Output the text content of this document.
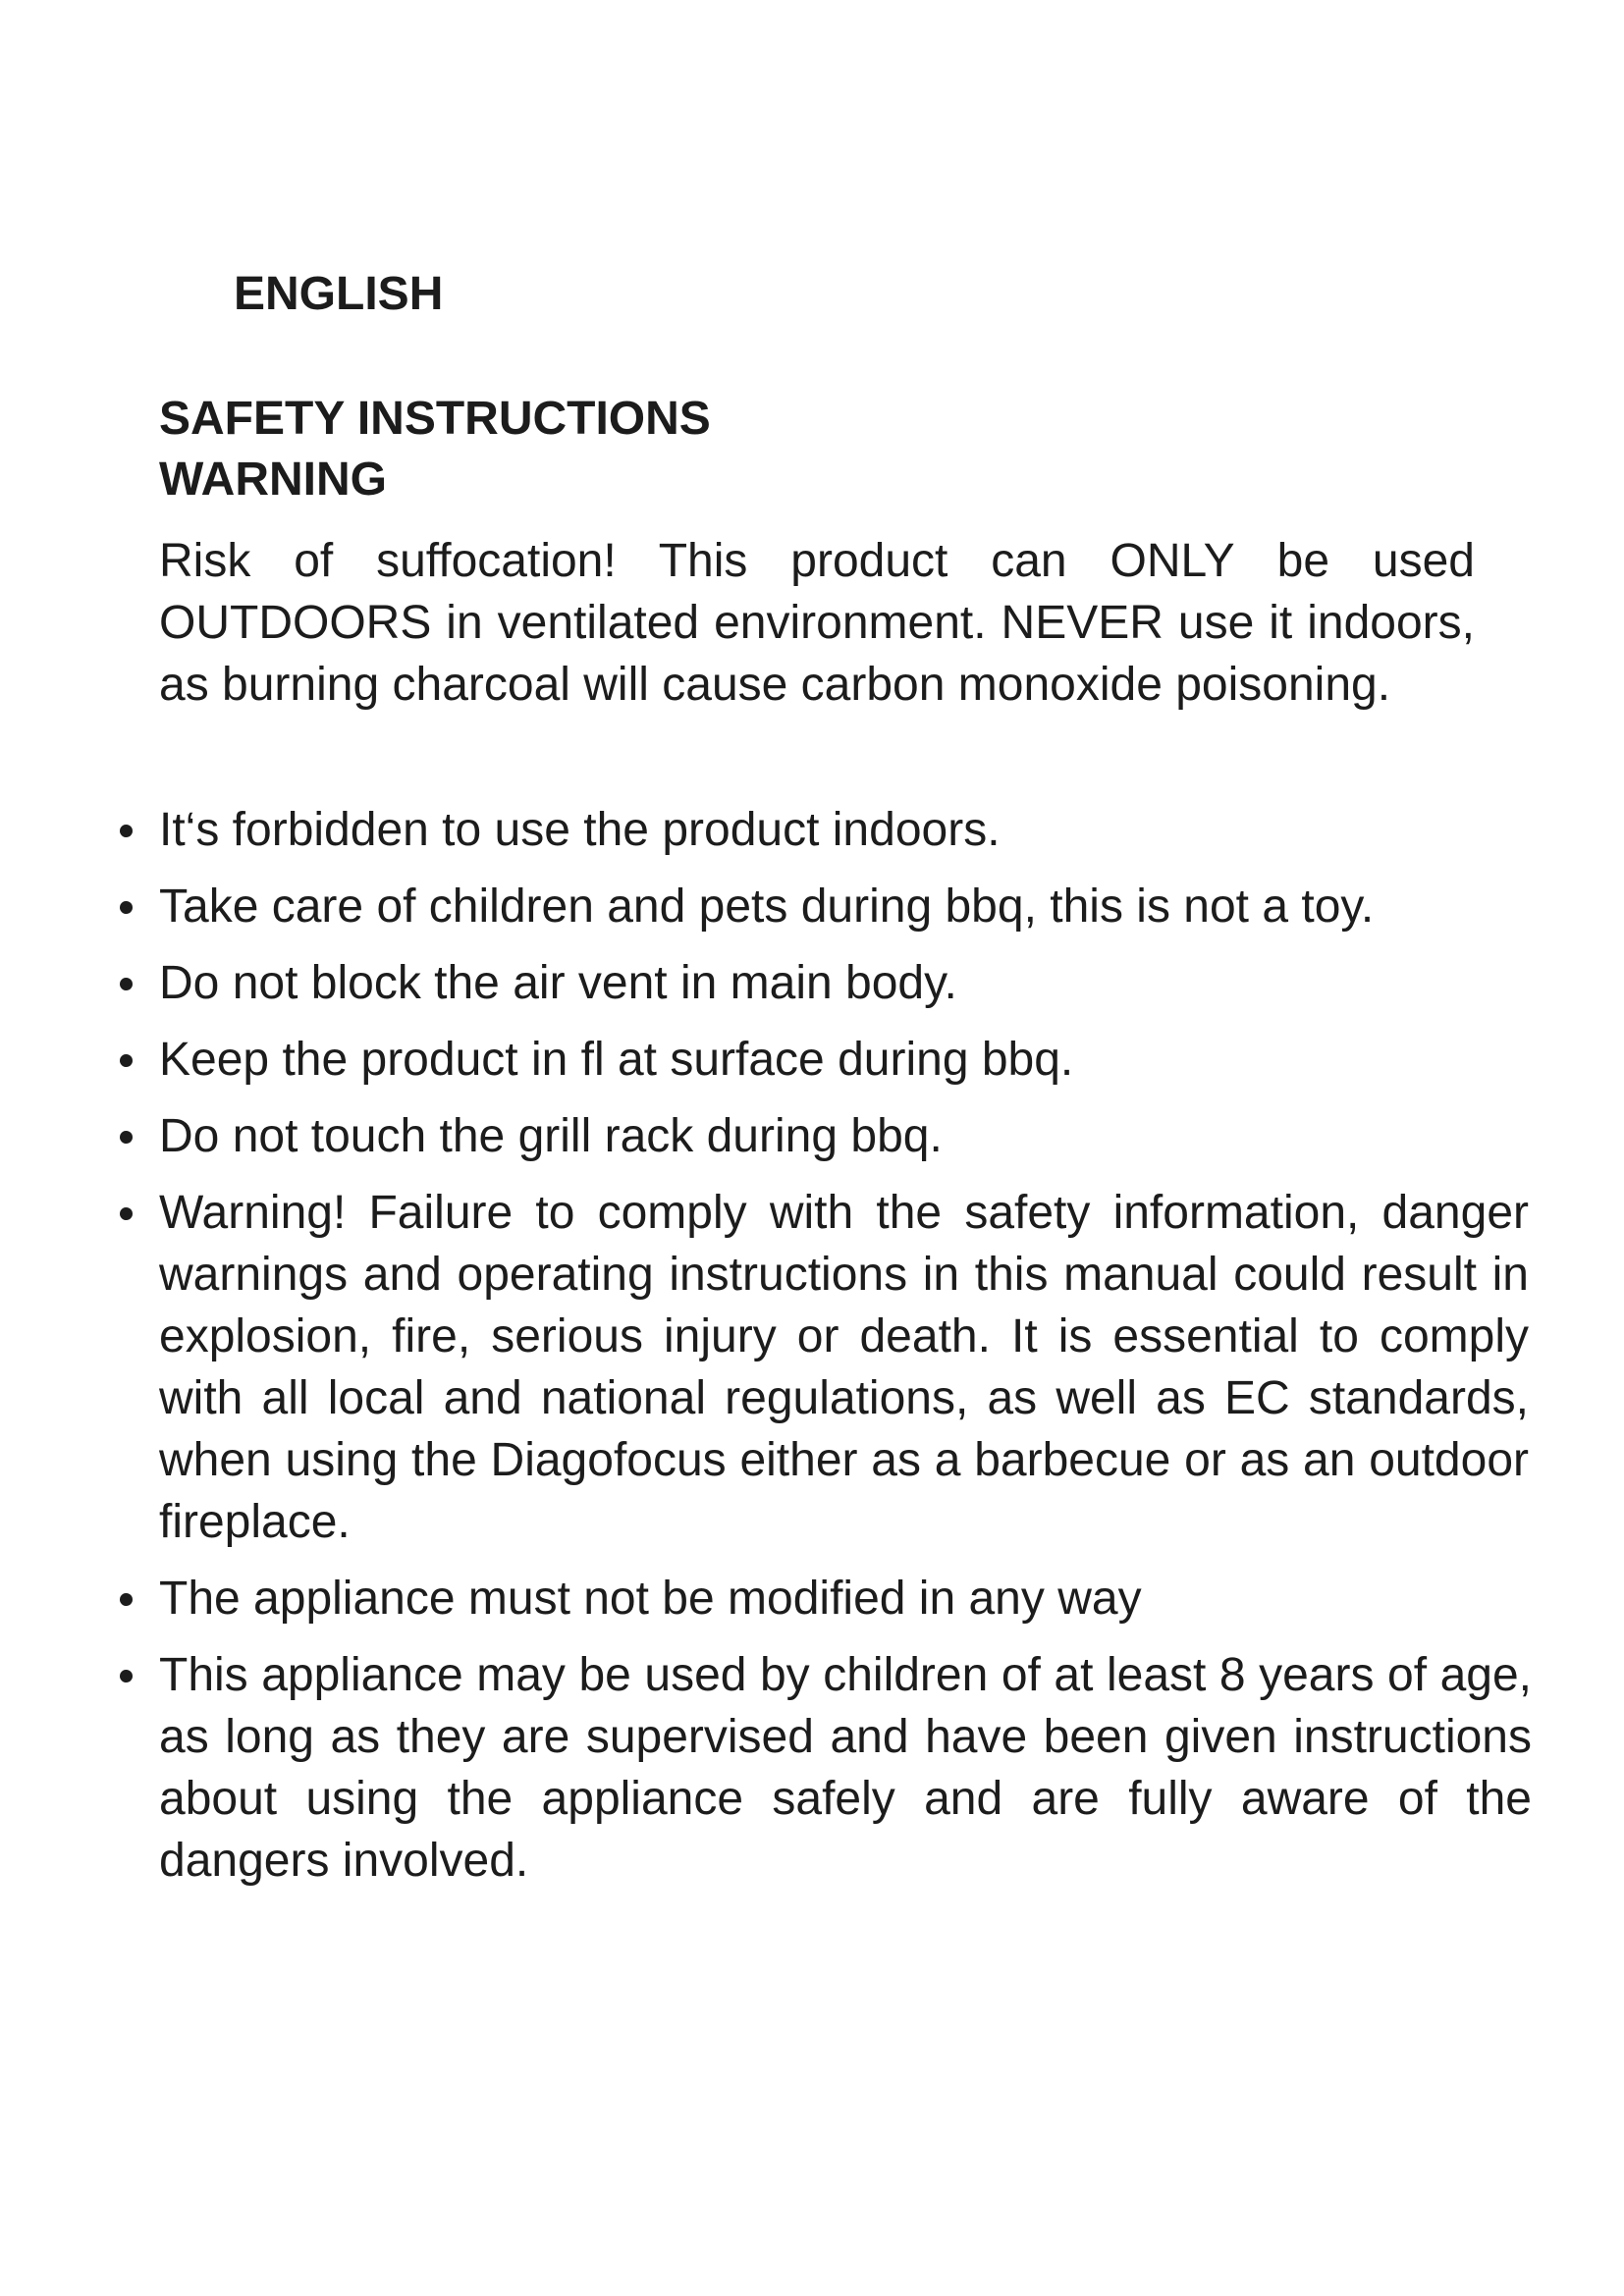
ENGLISH
SAFETY INSTRUCTIONS
WARNING

Risk of suffocation! This product can ONLY be used OUTDOORS in ventilated environment. NEVER use it indoors, as burning charcoal will cause carbon monoxide poisoning.

It‘s forbidden to use the product indoors.
Take care of children and pets during bbq, this is not a toy.
Do not block the air vent in main body.
Keep the product in fl at surface during bbq.
Do not touch the grill rack during bbq.
Warning! Failure to comply with the safety information, danger warnings and operating instructions in this manual could result in explosion, fire, serious injury or death. It is essential to comply with all local and national regulations, as well as EC standards, when using the Diagofocus either as a barbecue or as an outdoor fireplace.
The appliance must not be modified in any way
This appliance may be used by children of at least 8 years of age, as long as they are supervised and have been given instructions about using the appliance safely and are fully aware of the dangers involved.
